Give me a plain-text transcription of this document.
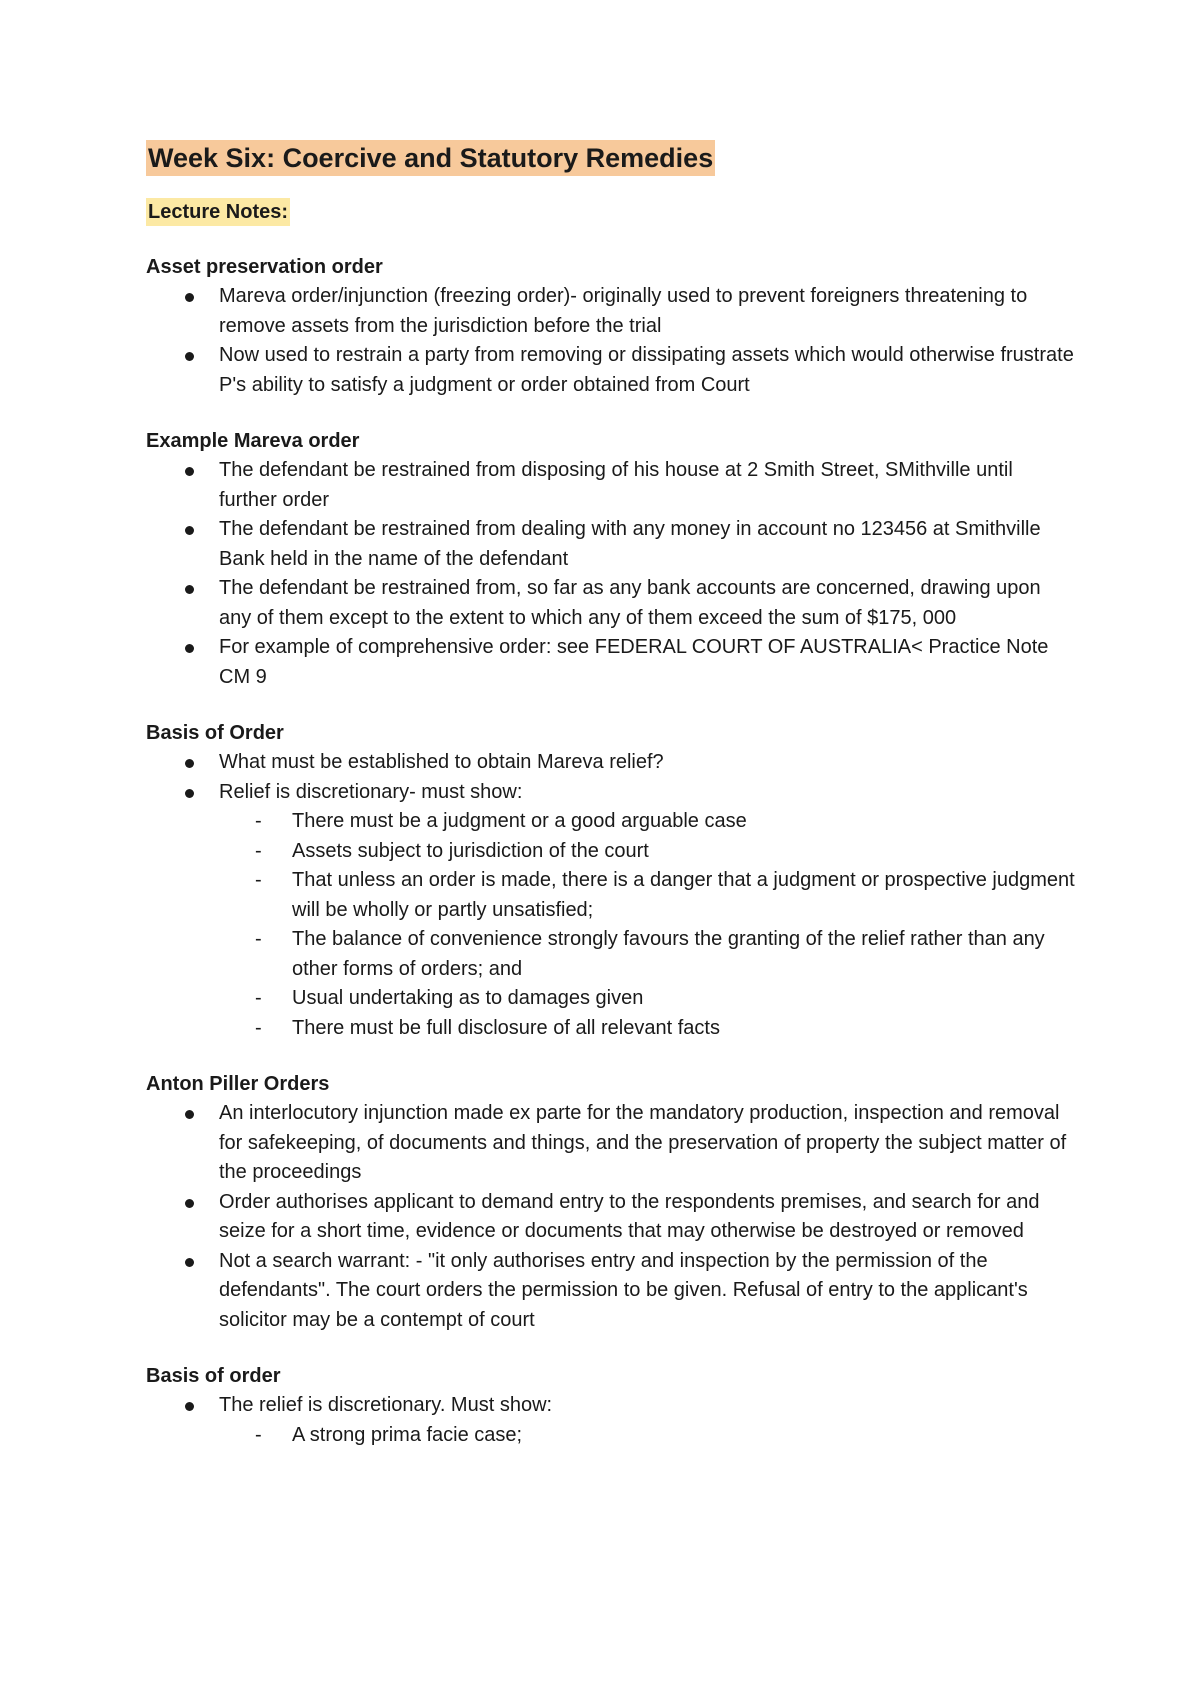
Week Six: Coercive and Statutory Remedies
Lecture Notes:
Asset preservation order
Mareva order/injunction (freezing order)- originally used to prevent foreigners threatening to remove assets from the jurisdiction before the trial
Now used to restrain a party from removing or dissipating assets which would otherwise frustrate P's ability to satisfy a judgment or order obtained from Court
Example Mareva order
The defendant be restrained from disposing of his house at 2 Smith Street, SMithville until further order
The defendant be restrained from dealing with any money in account no 123456 at Smithville Bank held in the name of the defendant
The defendant be restrained from, so far as any bank accounts are concerned, drawing upon any of them except to the extent to which any of them exceed the sum of $175, 000
For example of comprehensive order: see FEDERAL COURT OF AUSTRALIA< Practice Note CM 9
Basis of Order
What must be established to obtain Mareva relief?
Relief is discretionary- must show:
- There must be a judgment or a good arguable case
- Assets subject to jurisdiction of the court
- That unless an order is made, there is a danger that a judgment or prospective judgment will be wholly or partly unsatisfied;
- The balance of convenience strongly favours the granting of the relief rather than any other forms of orders; and
- Usual undertaking as to damages given
- There must be full disclosure of all relevant facts
Anton Piller Orders
An interlocutory injunction made ex parte for the mandatory production, inspection and removal for safekeeping, of documents and things, and the preservation of property the subject matter of the proceedings
Order authorises applicant to demand entry to the respondents premises, and search for and seize for a short time, evidence or documents that may otherwise be destroyed or removed
Not a search warrant: - "it only authorises entry and inspection by the permission of the defendants". The court orders the permission to be given. Refusal of entry to the applicant's solicitor may be a contempt of court
Basis of order
The relief is discretionary. Must show:
- A strong prima facie case;
